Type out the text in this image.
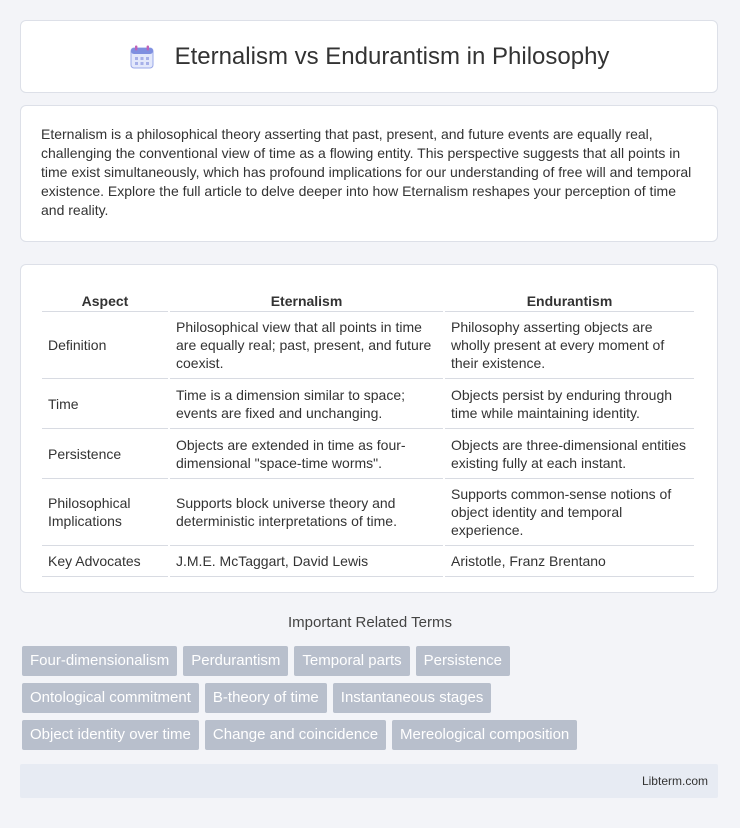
Eternalism vs Endurantism in Philosophy

Eternalism is a philosophical theory asserting that past, present, and future events are equally real, challenging the conventional view of time as a flowing entity. This perspective suggests that all points in time exist simultaneously, which has profound implications for our understanding of free will and temporal existence. Explore the full article to delve deeper into how Eternalism reshapes your perception of time and reality.

Aspect	Eternalism	Endurantism
Definition	Philosophical view that all points in time are equally real; past, present, and future coexist.	Philosophy asserting objects are wholly present at every moment of their existence.
Time	Time is a dimension similar to space; events are fixed and unchanging.	Objects persist by enduring through time while maintaining identity.
Persistence	Objects are extended in time as four-dimensional "space-time worms".	Objects are three-dimensional entities existing fully at each instant.
Philosophical Implications	Supports block universe theory and deterministic interpretations of time.	Supports common-sense notions of object identity and temporal experience.
Key Advocates	J.M.E. McTaggart, David Lewis	Aristotle, Franz Brentano
Important Related Terms
Four-dimensionalism	Perdurantism	Temporal parts	Persistence
Ontological commitment	B-theory of time	Instantaneous stages
Object identity over time	Change and coincidence	Mereological composition
Libterm.com
